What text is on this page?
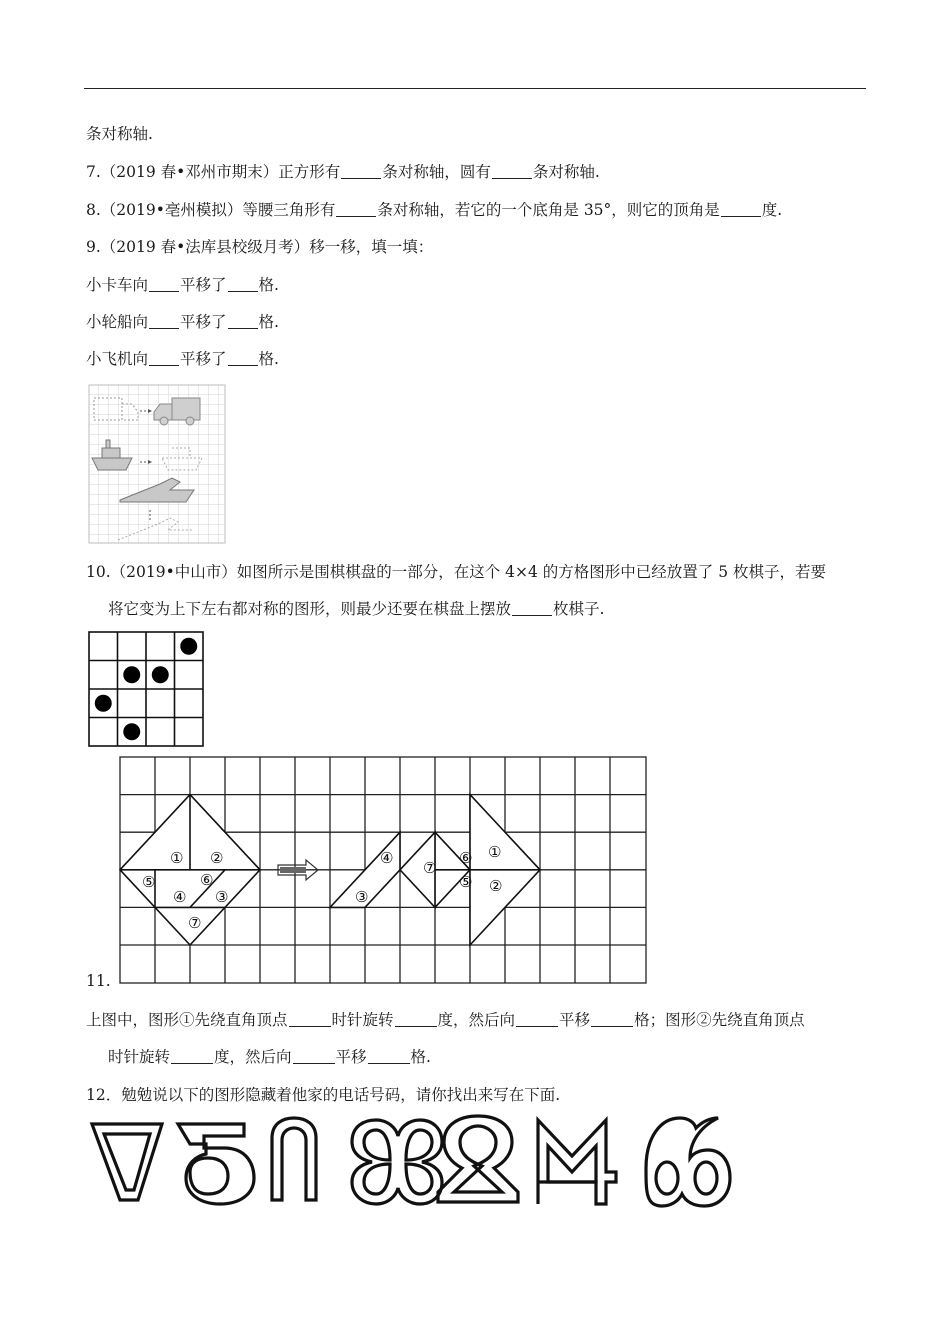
条对称轴.
7.（2019 春•邓州市期末）正方形有	条对称轴，圆有	条对称轴.
8.（2019•亳州模拟）等腰三角形有	条对称轴，若它的一个底角是 35°，则它的顶角是	度.
9.（2019 春•法库县校级月考）移一移，填一填：
小卡车向 平移了 格.
小轮船向 平移了 格.
小飞机向 平移了 格.
10.（2019•中山市）如图所示是围棋棋盘的一部分，在这个 4×4 的方格图形中已经放置了 5 枚棋子，若要
将它变为上下左右都对称的图形，则最少还要在棋盘上摆放	枚棋子.
① ②
⑤	⑥
④ ③
⑦
④
⑦
⑥ ①
⑤ ②
③
11.
上图中，图形①先绕直角顶点	时针旋转	度，然后向	平移	格；图形②先绕直角顶点
时针旋转	度，然后向	平移	格.
12．勉勉说以下的图形隐藏着他家的电话号码，请你找出来写在下面.
